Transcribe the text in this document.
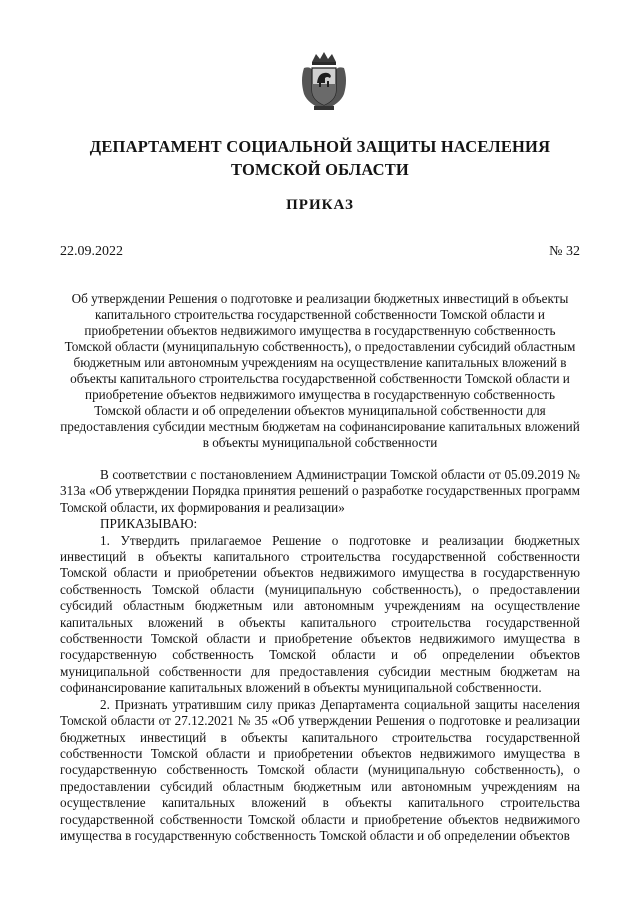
ДЕПАРТАМЕНТ СОЦИАЛЬНОЙ ЗАЩИТЫ НАСЕЛЕНИЯ
ТОМСКОЙ ОБЛАСТИ
ПРИКАЗ
22.09.2022	№ 32
Об утверждении Решения о подготовке и реализации бюджетных инвестиций в объекты капитального строительства государственной собственности Томской области и приобретении объектов недвижимого имущества в государственную собственность Томской области (муниципальную собственность), о предоставлении субсидий областным бюджетным или автономным учреждениям на осуществление капитальных вложений в объекты капитального строительства государственной собственности Томской области и приобретение объектов недвижимого имущества в государственную собственность Томской области и об определении объектов муниципальной собственности для предоставления субсидии местным бюджетам на софинансирование капитальных вложений в объекты муниципальной собственности

В соответствии с постановлением Администрации Томской области от 05.09.2019 № 313а «Об утверждении Порядка принятия решений о разработке государственных программ Томской области, их формирования и реализации»

ПРИКАЗЫВАЮ:

1. Утвердить прилагаемое Решение о подготовке и реализации бюджетных инвестиций в объекты капитального строительства государственной собственности Томской области и приобретении объектов недвижимого имущества в государственную собственность Томской области (муниципальную собственность), о предоставлении субсидий областным бюджетным или автономным учреждениям на осуществление капитальных вложений в объекты капитального строительства государственной собственности Томской области и приобретение объектов недвижимого имущества в государственную собственность Томской области и об определении объектов муниципальной собственности для предоставления субсидии местным бюджетам на софинансирование капитальных вложений в объекты муниципальной собственности.

2. Признать утратившим силу приказ Департамента социальной защиты населения Томской области от 27.12.2021 № 35 «Об утверждении Решения о подготовке и реализации бюджетных инвестиций в объекты капитального строительства государственной собственности Томской области и приобретении объектов недвижимого имущества в государственную собственность Томской области (муниципальную собственность), о предоставлении субсидий областным бюджетным или автономным учреждениям на осуществление капитальных вложений в объекты капитального строительства государственной собственности Томской области и приобретение объектов недвижимого имущества в государственную собственность Томской области и об определении объектов
